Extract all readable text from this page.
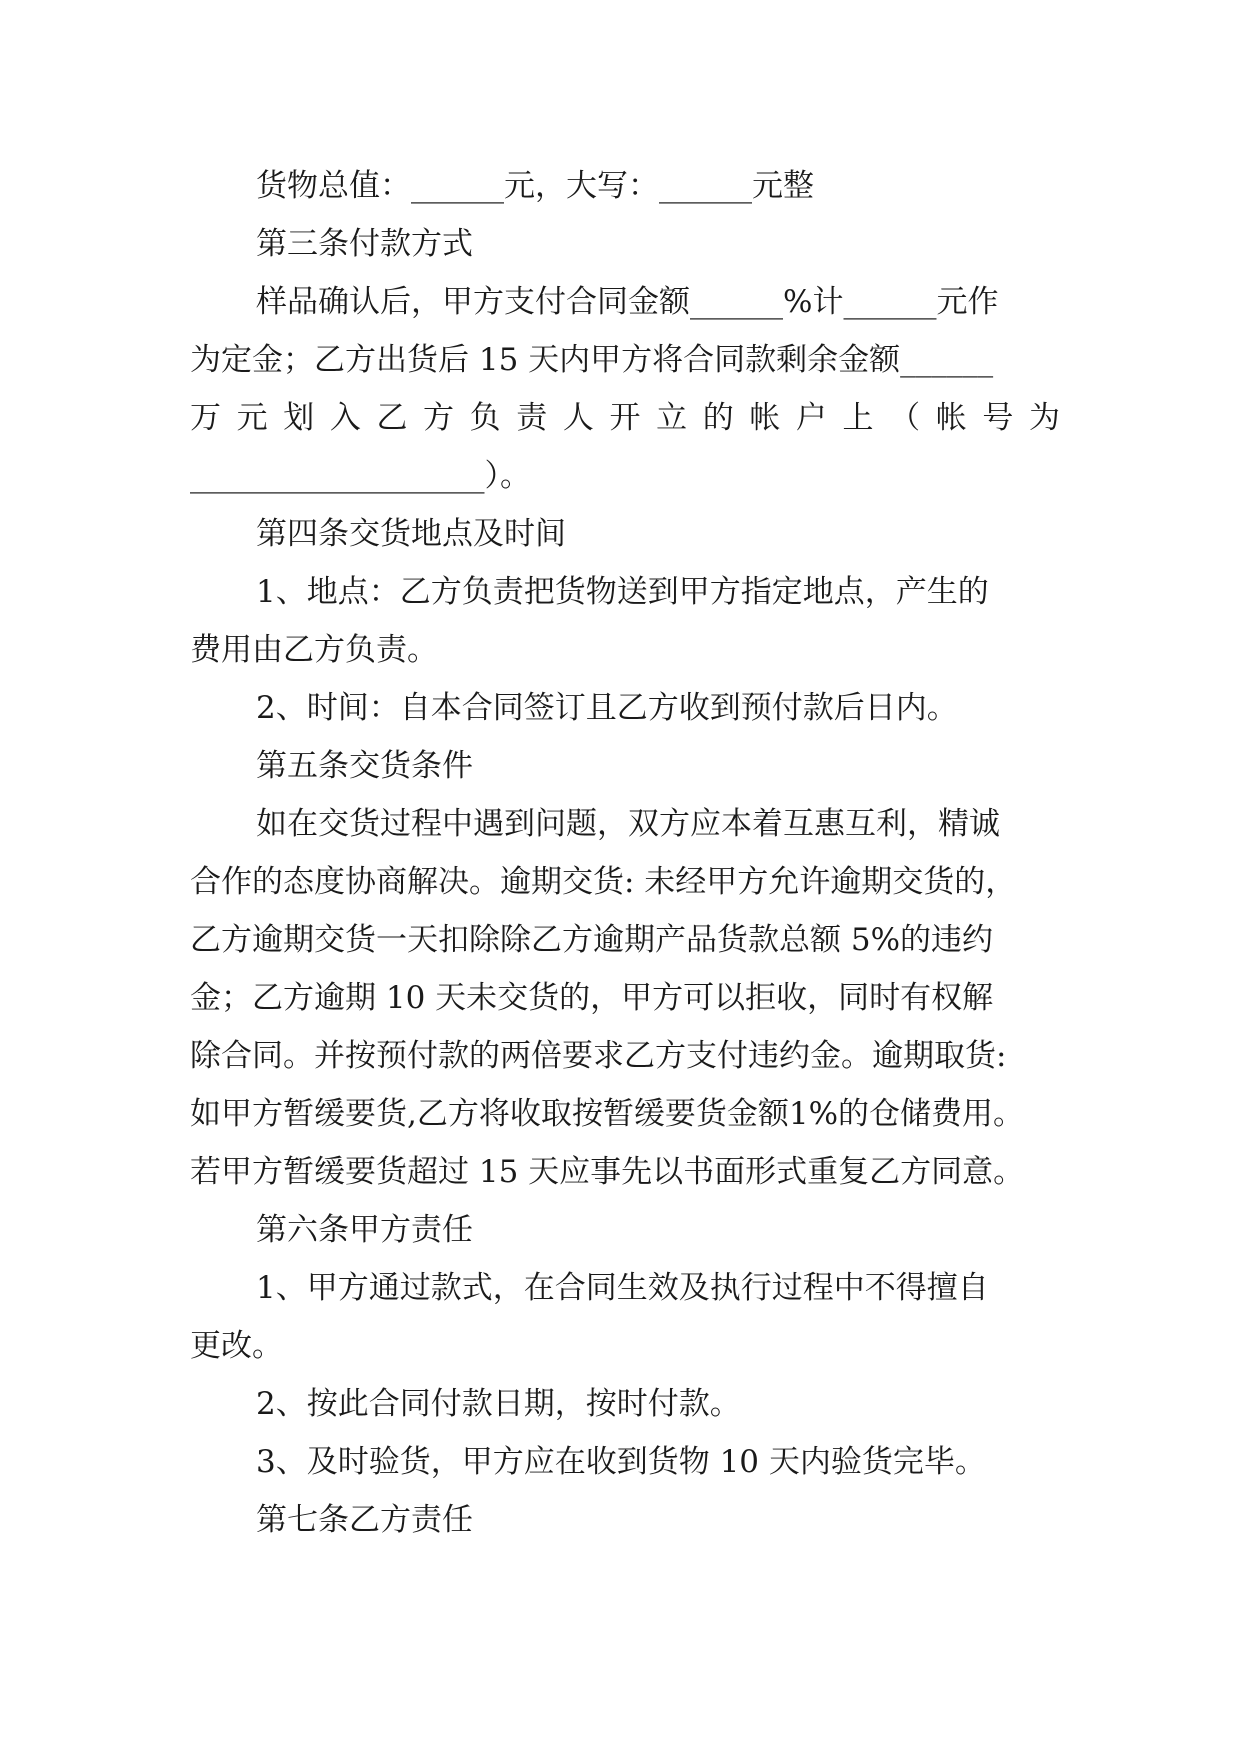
货物总值：______元，大写：______元整
第三条付款方式
样品确认后，甲方支付合同金额______%计______元作
为定金；乙方出货后 15 天内甲方将合同款剩余金额______
万 元 划 入 乙 方 负 责 人 开 立 的 帐 户 上 （ 帐 号 为
___________________）。
第四条交货地点及时间
1、地点：乙方负责把货物送到甲方指定地点，产生的
费用由乙方负责。
2、时间：自本合同签订且乙方收到预付款后日内。
第五条交货条件
如在交货过程中遇到问题，双方应本着互惠互利，精诚
合作的态度协商解决。逾期交货: 未经甲方允许逾期交货的，
乙方逾期交货一天扣除除乙方逾期产品货款总额 5%的违约
金；乙方逾期 10 天未交货的，甲方可以拒收，同时有权解
除合同。并按预付款的两倍要求乙方支付违约金。逾期取货:
如甲方暂缓要货,乙方将收取按暂缓要货金额1%的仓储费用。
若甲方暂缓要货超过 15 天应事先以书面形式重复乙方同意。
第六条甲方责任
1、甲方通过款式，在合同生效及执行过程中不得擅自
更改。
2、按此合同付款日期，按时付款。
3、及时验货，甲方应在收到货物 10 天内验货完毕。
第七条乙方责任
